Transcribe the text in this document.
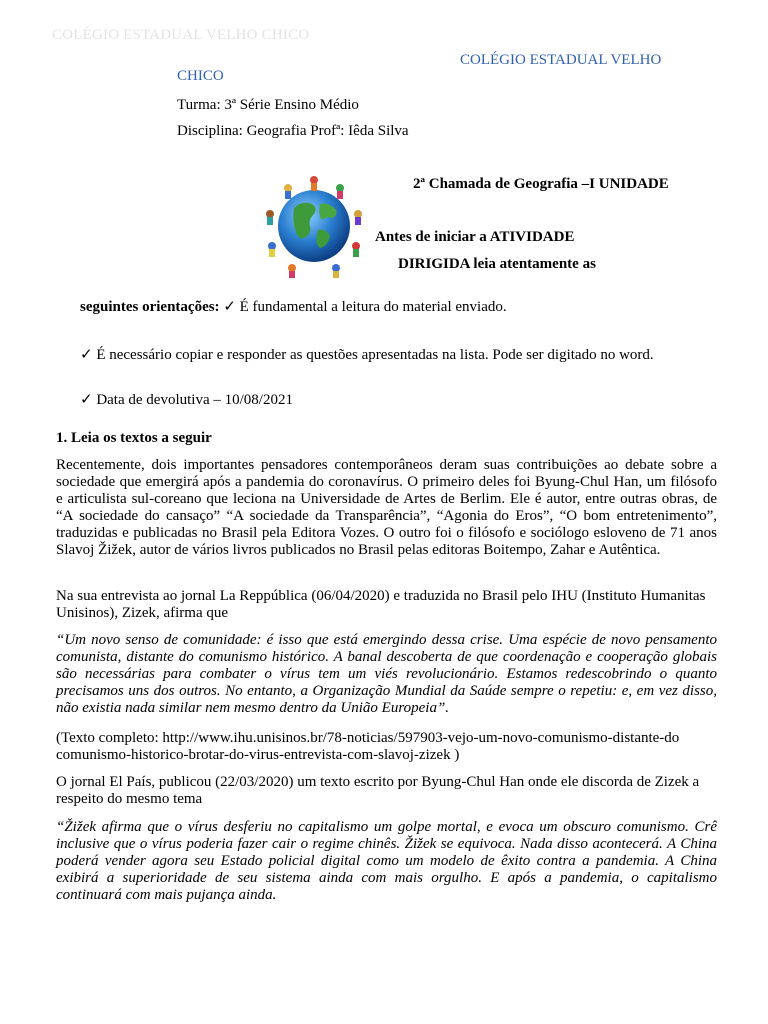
COLÉGIO ESTADUAL VELHO CHICO
COLÉGIO ESTADUAL VELHO
CHICO
Turma: 3ª Série Ensino Médio
Disciplina: Geografia Profª: Iêda Silva
2ª Chamada de Geografia –I UNIDADE
Antes de iniciar a ATIVIDADE
DIRIGIDA leia atentamente as
seguintes orientações: ✓ É fundamental a leitura do material enviado.
✓ É necessário copiar e responder as questões apresentadas na lista. Pode ser digitado no word.
✓ Data de devolutiva – 10/08/2021
1. Leia os textos a seguir
Recentemente, dois importantes pensadores contemporâneos deram suas contribuições ao debate sobre a sociedade que emergirá após a pandemia do coronavírus. O primeiro deles foi Byung-Chul Han, um filósofo e articulista sul-coreano que leciona na Universidade de Artes de Berlim. Ele é autor, entre outras obras, de “A sociedade do cansaço” “A sociedade da Transparência”, “Agonia do Eros”, “O bom entretenimento”, traduzidas e publicadas no Brasil pela Editora Vozes. O outro foi o filósofo e sociólogo esloveno de 71 anos Slavoj Žižek, autor de vários livros publicados no Brasil pelas editoras Boitempo, Zahar e Autêntica.
Na sua entrevista ao jornal La Reppública (06/04/2020) e traduzida no Brasil pelo IHU (Instituto Humanitas Unisinos), Zizek, afirma que
“Um novo senso de comunidade: é isso que está emergindo dessa crise. Uma espécie de novo pensamento comunista, distante do comunismo histórico. A banal descoberta de que coordenação e cooperação globais são necessárias para combater o vírus tem um viés revolucionário. Estamos redescobrindo o quanto precisamos uns dos outros. No entanto, a Organização Mundial da Saúde sempre o repetiu: e, em vez disso, não existia nada similar nem mesmo dentro da União Europeia”.
(Texto completo: http://www.ihu.unisinos.br/78-noticias/597903-vejo-um-novo-comunismo-distante-do comunismo-historico-brotar-do-virus-entrevista-com-slavoj-zizek )
O jornal El País, publicou (22/03/2020) um texto escrito por Byung-Chul Han onde ele discorda de Zizek a respeito do mesmo tema
“Žižek afirma que o vírus desferiu no capitalismo um golpe mortal, e evoca um obscuro comunismo. Crê inclusive que o vírus poderia fazer cair o regime chinês. Žižek se equivoca. Nada disso acontecerá. A China poderá vender agora seu Estado policial digital como um modelo de êxito contra a pandemia. A China exibirá a superioridade de seu sistema ainda com mais orgulho. E após a pandemia, o capitalismo continuará com mais pujança ainda.
